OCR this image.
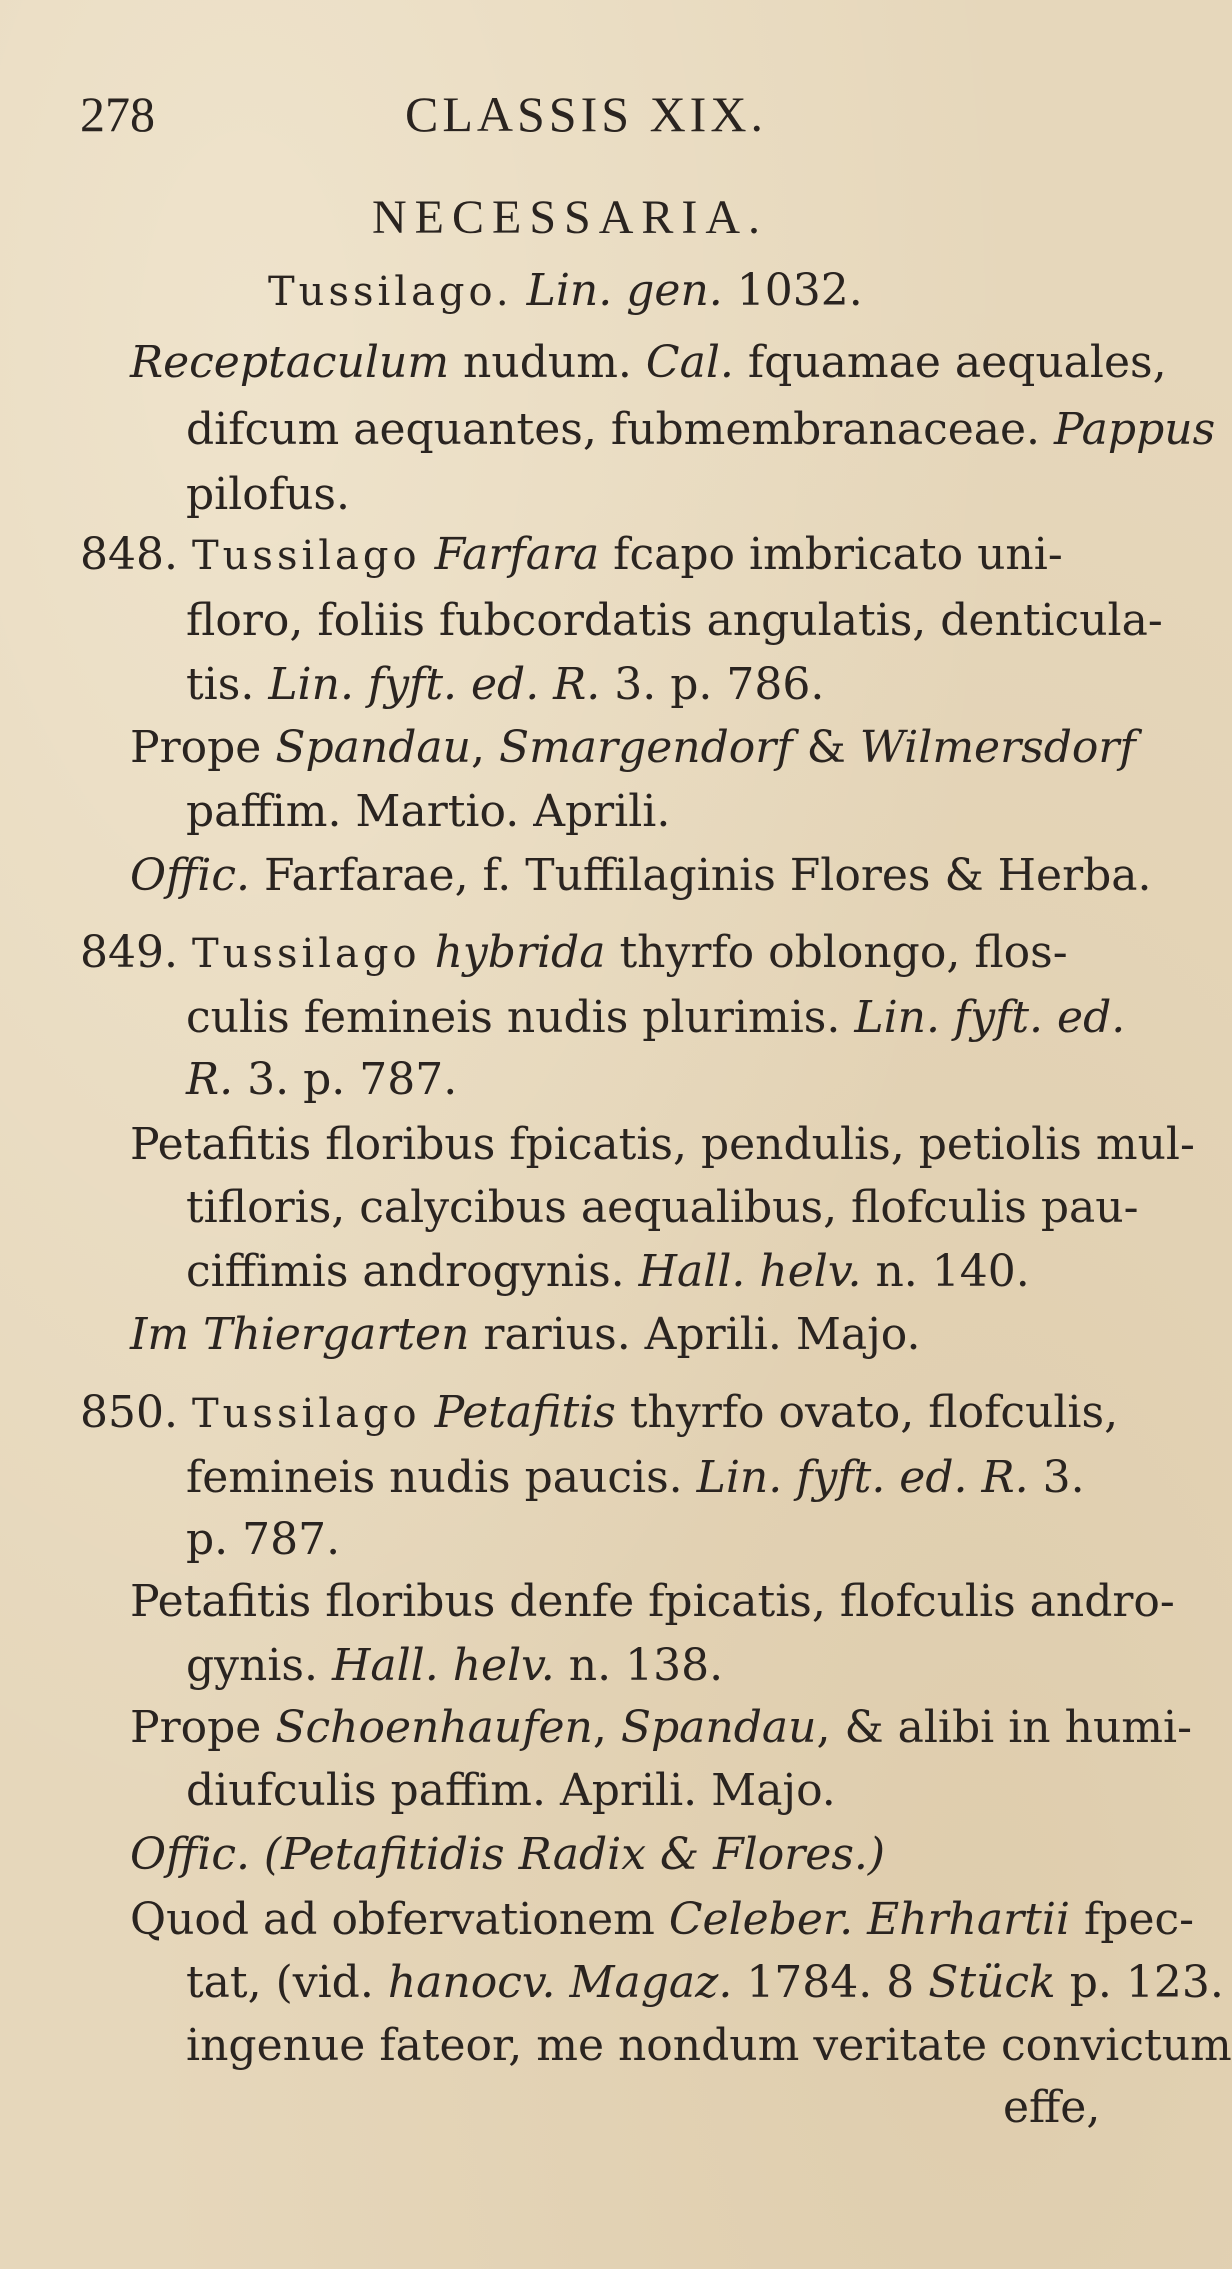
278	CLASSIS XIX.
NECESSARIA.
Tussilago. Lin. gen. 1032.
Receptaculum nudum. Cal. fquamae aequales,
difcum aequantes, fubmembranaceae. Pappus
pilofus.
848. Tussilago Farfara fcapo imbricato uni-
floro, foliis fubcordatis angulatis, denticula-
tis. Lin. fyft. ed. R. 3. p. 786.
Prope Spandau, Smargendorf & Wilmersdorf
paffim. Martio. Aprili.
Offic. Farfarae, f. Tuffilaginis Flores & Herba.
849. Tussilago hybrida thyrfo oblongo, flos-
culis femineis nudis plurimis. Lin. fyft. ed.
R. 3. p. 787.
Petafitis floribus fpicatis, pendulis, petiolis mul-
tifloris, calycibus aequalibus, flofculis pau-
ciffimis androgynis. Hall. helv. n. 140.
Im Thiergarten rarius. Aprili. Majo.
850. Tussilago Petafitis thyrfo ovato, flofculis,
femineis nudis paucis. Lin. fyft. ed. R. 3.
p. 787.
Petafitis floribus denfe fpicatis, flofculis andro-
gynis. Hall. helv. n. 138.
Prope Schoenhaufen, Spandau, & alibi in humi-
diufculis paffim. Aprili. Majo.
Offic. (Petafitidis Radix & Flores.)
Quod ad obfervationem Celeber. Ehrhartii fpec-
tat, (vid. hanocv. Magaz. 1784. 8 Stück p. 123.
ingenue fateor, me nondum veritate convictum
effe,
